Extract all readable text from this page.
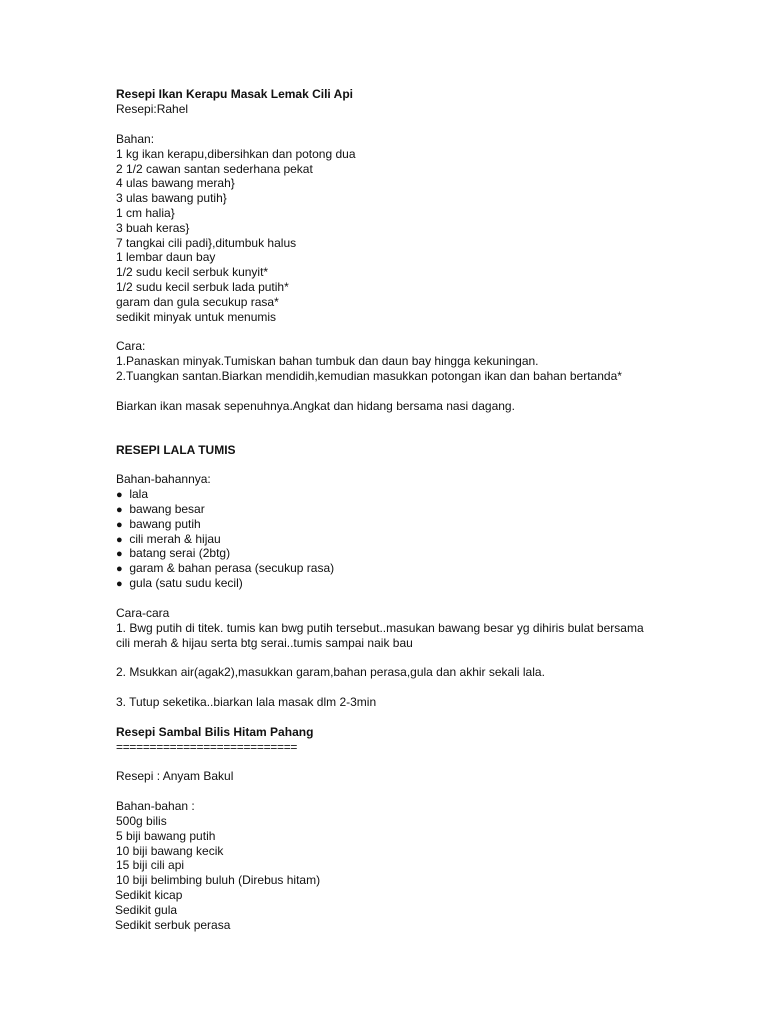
Resepi Ikan Kerapu Masak Lemak Cili Api
Resepi:Rahel
Bahan:
1 kg ikan kerapu,dibersihkan dan potong dua
2 1/2 cawan santan sederhana pekat
4 ulas bawang merah}
3 ulas bawang putih}
1 cm halia}
3 buah keras}
7 tangkai cili padi},ditumbuk halus
1 lembar daun bay
1/2 sudu kecil serbuk kunyit*
1/2 sudu kecil serbuk lada putih*
garam dan gula secukup rasa*
sedikit minyak untuk menumis
Cara:
1.Panaskan minyak.Tumiskan bahan tumbuk dan daun bay hingga kekuningan.
2.Tuangkan santan.Biarkan mendidih,kemudian masukkan potongan ikan dan bahan bertanda*
Biarkan ikan masak sepenuhnya.Angkat dan hidang bersama nasi dagang.
RESEPI LALA TUMIS
Bahan-bahannya:
● lala
● bawang besar
● bawang putih
● cili merah & hijau
● batang serai (2btg)
● garam & bahan perasa (secukup rasa)
● gula (satu sudu kecil)
Cara-cara
1. Bwg putih di titek. tumis kan bwg putih tersebut..masukan bawang besar yg dihiris bulat bersama
cili merah & hijau serta btg serai..tumis sampai naik bau
2. Msukkan air(agak2),masukkan garam,bahan perasa,gula dan akhir sekali lala.
3. Tutup seketika..biarkan lala masak dlm 2-3min
Resepi Sambal Bilis Hitam Pahang
===========================
Resepi : Anyam Bakul
Bahan-bahan :
500g bilis
5 biji bawang putih
10 biji bawang kecik
15 biji cili api
10 biji belimbing buluh (Direbus hitam)
Sedikit kicap
Sedikit gula
Sedikit serbuk perasa
